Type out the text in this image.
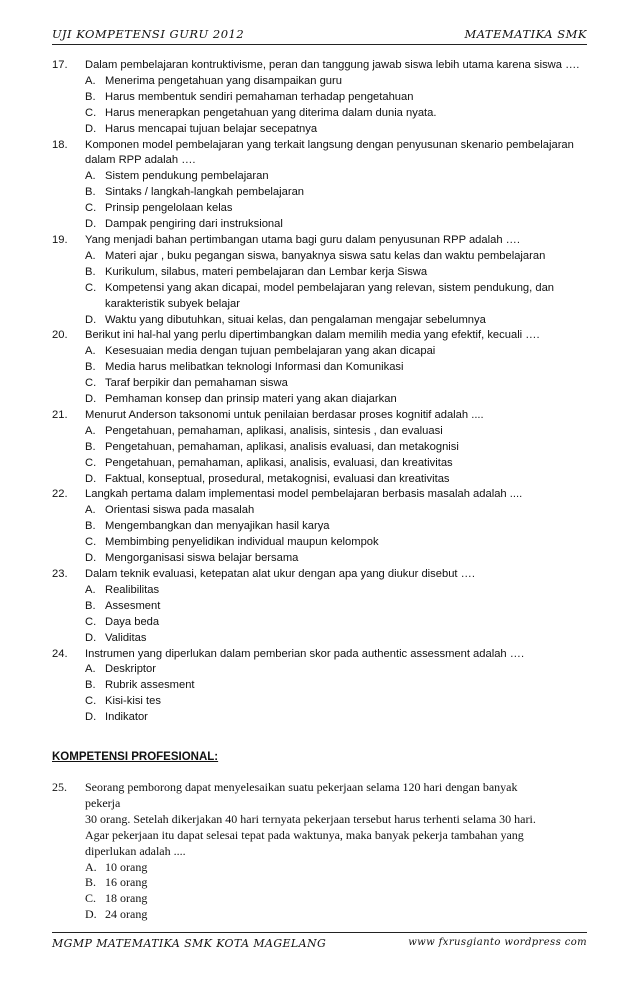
UJI KOMPETENSI GURU 2012	MATEMATIKA SMK
17.	Dalam pembelajaran kontruktivisme, peran dan tanggung jawab siswa lebih utama karena siswa ….
A. Menerima pengetahuan yang disampaikan guru
B. Harus membentuk sendiri pemahaman terhadap pengetahuan
C. Harus menerapkan pengetahuan yang diterima dalam dunia nyata.
D. Harus mencapai tujuan belajar secepatnya
18.	Komponen model pembelajaran yang terkait langsung dengan penyusunan skenario pembelajaran dalam RPP adalah ….
A. Sistem pendukung pembelajaran
B. Sintaks / langkah-langkah pembelajaran
C. Prinsip pengelolaan kelas
D. Dampak pengiring dari instruksional
19.	Yang menjadi bahan pertimbangan utama bagi guru dalam penyusunan RPP adalah ….
A. Materi ajar , buku pegangan siswa, banyaknya siswa satu kelas dan waktu pembelajaran
B. Kurikulum, silabus, materi pembelajaran dan Lembar kerja Siswa
C. Kompetensi yang akan dicapai, model pembelajaran yang relevan, sistem pendukung, dan karakteristik subyek belajar
D. Waktu yang dibutuhkan, situai kelas, dan pengalaman mengajar sebelumnya
20.	Berikut ini hal-hal yang perlu dipertimbangkan dalam memilih media yang efektif, kecuali ….
A. Kesesuaian media dengan tujuan pembelajaran yang akan dicapai
B. Media harus melibatkan teknologi Informasi dan Komunikasi
C. Taraf berpikir dan pemahaman siswa
D. Pemhaman konsep dan prinsip materi yang akan diajarkan
21.	Menurut Anderson taksonomi untuk penilaian berdasar proses kognitif adalah ....
A. Pengetahuan, pemahaman, aplikasi, analisis, sintesis , dan evaluasi
B. Pengetahuan, pemahaman, aplikasi, analisis evaluasi, dan metakognisi
C. Pengetahuan, pemahaman, aplikasi, analisis, evaluasi, dan kreativitas
D. Faktual, konseptual, prosedural, metakognisi, evaluasi dan kreativitas
22.	Langkah pertama dalam implementasi model pembelajaran berbasis masalah adalah ....
A. Orientasi siswa pada masalah
B. Mengembangkan dan menyajikan hasil karya
C. Membimbing penyelidikan individual maupun kelompok
D. Mengorganisasi siswa belajar bersama
23.	Dalam teknik evaluasi, ketepatan alat ukur dengan apa yang diukur disebut ….
A. Realibilitas
B. Assesment
C. Daya beda
D. Validitas
24.	Instrumen yang diperlukan dalam pemberian skor pada authentic assessment adalah ….
A. Deskriptor
B. Rubrik assesment
C. Kisi-kisi tes
D. Indikator
KOMPETENSI PROFESIONAL:
25.	Seorang pemborong dapat menyelesaikan suatu pekerjaan selama 120 hari dengan banyak
pekerja
30 orang. Setelah dikerjakan 40 hari ternyata pekerjaan tersebut harus terhenti selama 30 hari.
Agar pekerjaan itu dapat selesai tepat pada waktunya, maka banyak pekerja tambahan yang
diperlukan adalah ....
A. 10 orang
B. 16 orang
C. 18 orang
D. 24 orang
MGMP MATEMATIKA SMK KOTA MAGELANG	www fxrusgianto wordpress com
